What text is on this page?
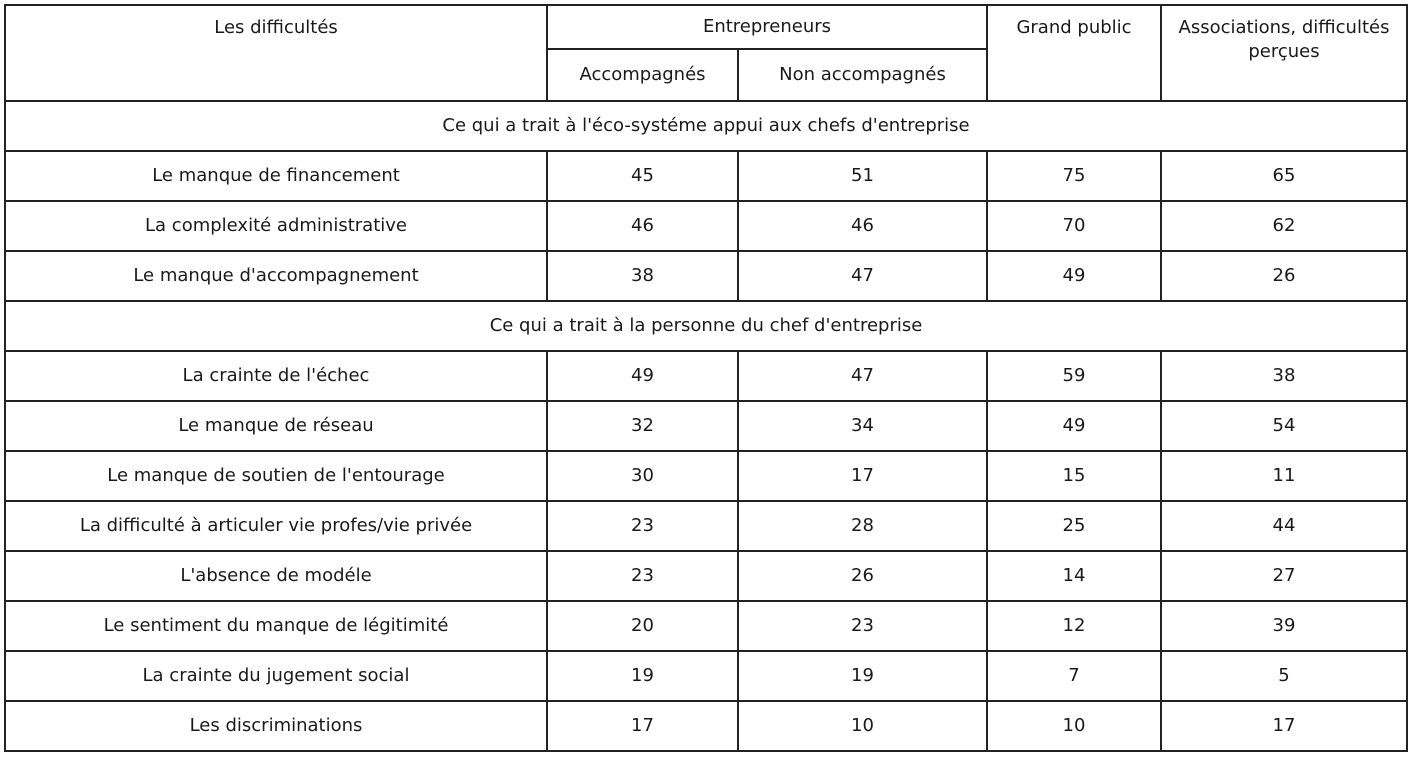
Les difficultés	Entrepreneurs		Grand public	Associations, difficultés perçues
	Accompagnés	Non accompagnés		
Ce qui a trait à l'éco-systéme appui aux chefs d'entreprise				
Le manque de financement	45	51	75	65
La complexité administrative	46	46	70	62
Le manque d'accompagnement	38	47	49	26
Ce qui a trait à la personne du chef d'entreprise				
La crainte de l'échec	49	47	59	38
Le manque de réseau	32	34	49	54
Le manque de soutien de l'entourage	30	17	15	11
La difficulté à articuler vie profes/vie privée	23	28	25	44
L'absence de modéle	23	26	14	27
Le sentiment du manque de légitimité	20	23	12	39
La crainte du jugement social	19	19	7	5
Les discriminations	17	10	10	17
